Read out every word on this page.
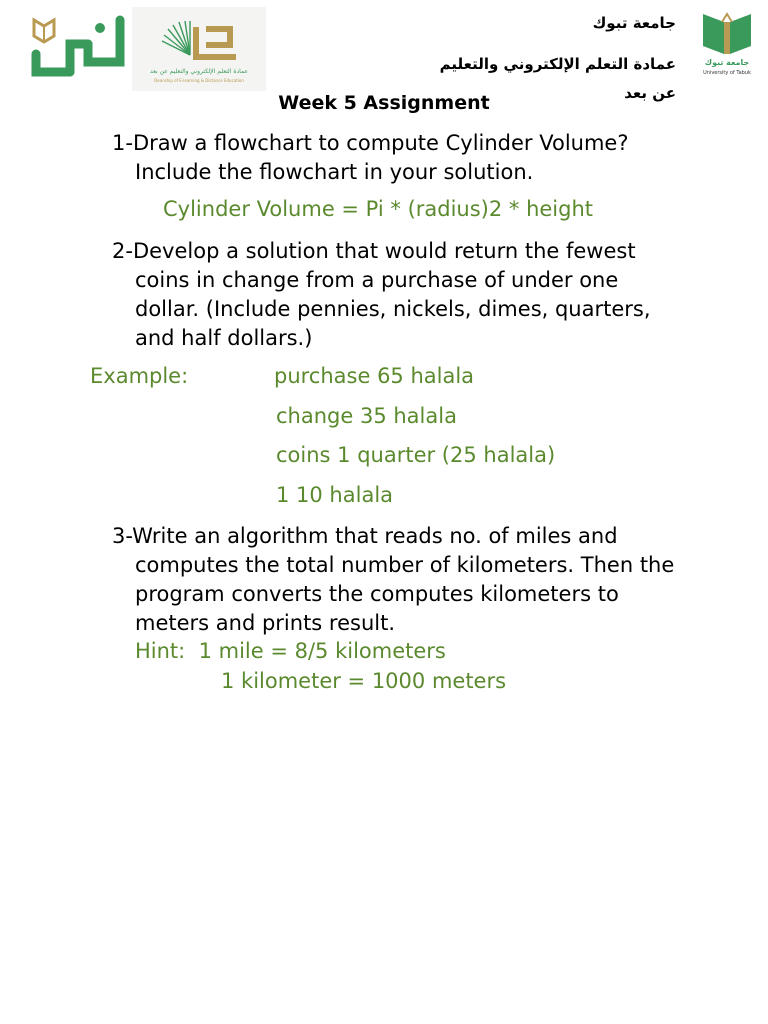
عمادة التعلم الإلكتروني والتعليم عن بعد
Deanship of E-learning & Distance Education
جامعة تبوك
University of Tabuk
جامعة تبوك
عمادة التعلم الإلكتروني والتعليم
عن بعد
Week 5 Assignment
1-Draw a flowchart to compute Cylinder Volume?
Include the flowchart in your solution.
Cylinder Volume = Pi * (radius)2 * height
2-Develop a solution that would return the fewest
coins in change from a purchase of under one dollar. (Include pennies, nickels, dimes, quarters, and half dollars.)
Example:	purchase 65 halala
change 35 halala
coins 1 quarter (25 halala)
1 10 halala
3-Write an algorithm that reads no. of miles and
computes the total number of kilometers. Then the program converts the computes kilometers to meters and prints result.
Hint:  1 mile = 8/5 kilometers
1 kilometer = 1000 meters
